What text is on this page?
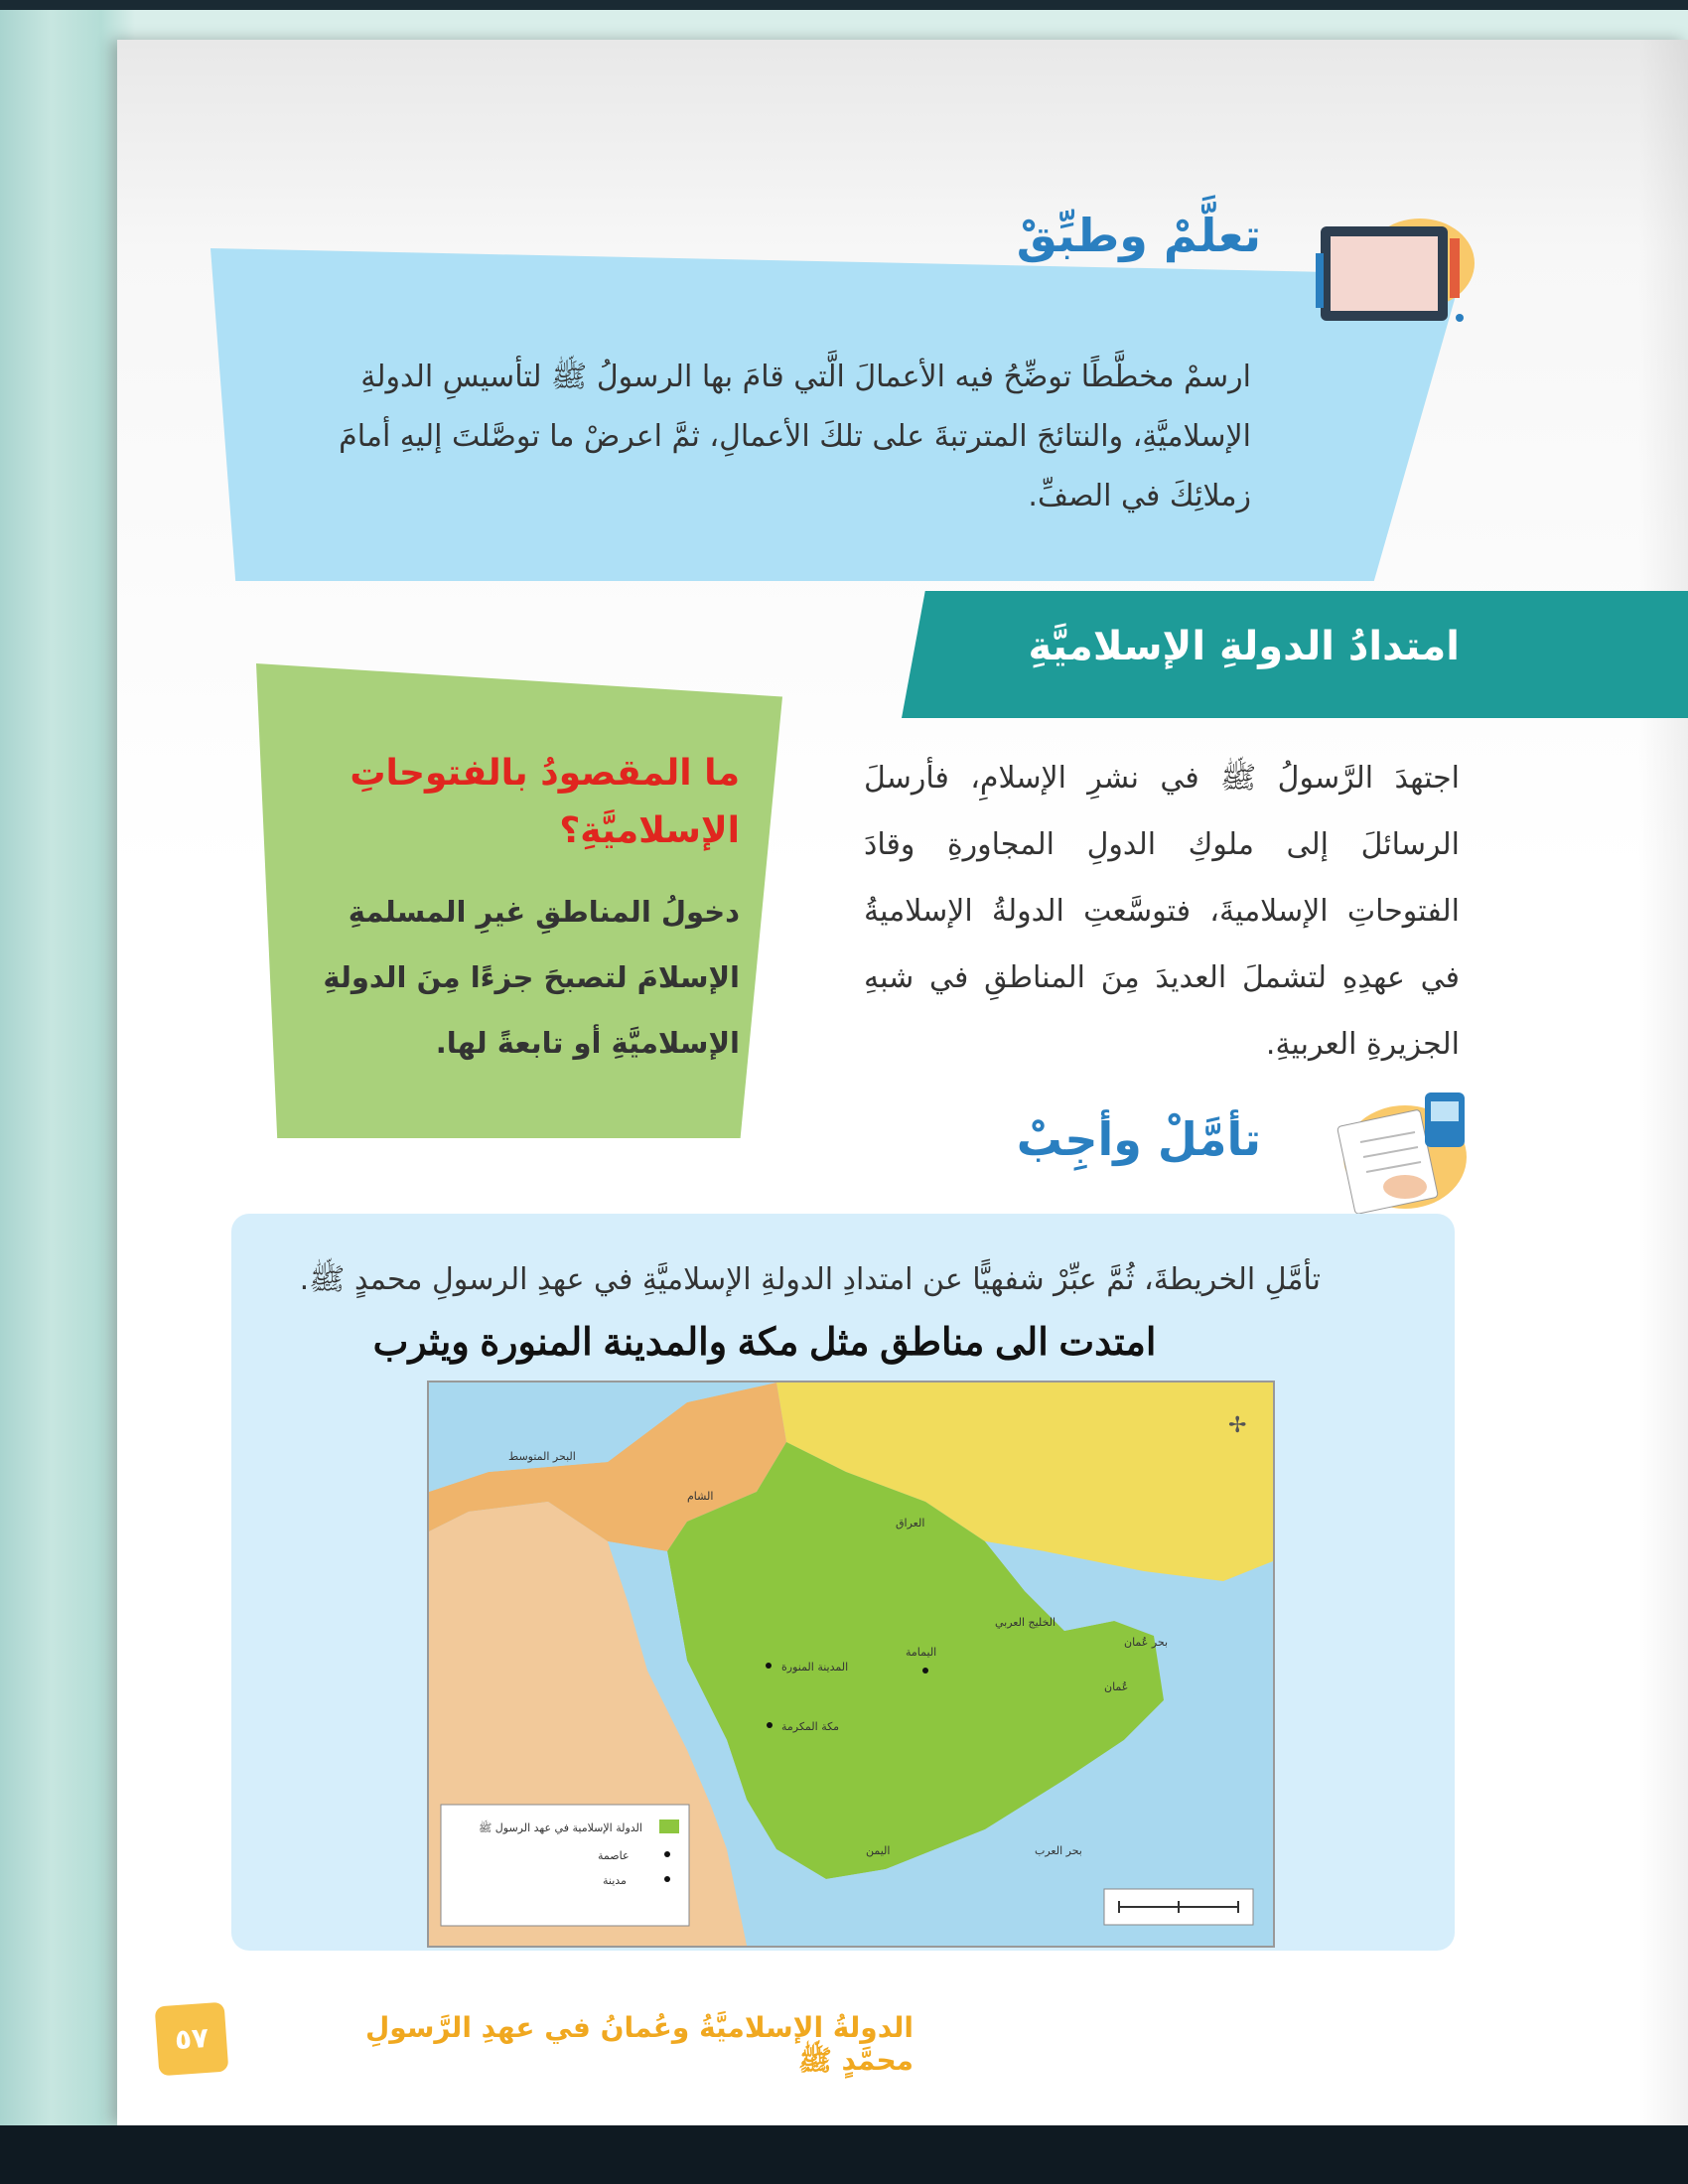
تعلَّمْ وطبِّقْ
ارسمْ مخطَّطًا توضِّحُ فيه الأعمالَ الَّتي قامَ بها الرسولُ ﷺ لتأسيسِ الدولةِ الإسلاميَّةِ، والنتائجَ المترتبةَ على تلكَ الأعمالِ، ثمَّ اعرضْ ما توصَّلتَ إليهِ أمامَ زملائِكَ في الصفِّ.
امتدادُ الدولةِ الإسلاميَّةِ
ما المقصودُ بالفتوحاتِ الإسلاميَّةِ؟
دخولُ المناطقِ غيرِ المسلمةِ الإسلامَ لتصبحَ جزءًا مِنَ الدولةِ الإسلاميَّةِ أو تابعةً لها.
اجتهدَ الرَّسولُ ﷺ في نشرِ الإسلامِ، فأرسلَ الرسائلَ إلى ملوكِ الدولِ المجاورةِ وقادَ الفتوحاتِ الإسلاميةَ، فتوسَّعتِ الدولةُ الإسلاميةُ في عهدِهِ لتشملَ العديدَ مِنَ المناطقِ في شبهِ الجزيرةِ العربيةِ.
تأمَّلْ وأجِبْ
تأمَّلِ الخريطةَ، ثُمَّ عبِّرْ شفهيًّا عن امتدادِ الدولةِ الإسلاميَّةِ في عهدِ الرسولِ محمدٍ ﷺ.
امتدت الى مناطق مثل مكة والمدينة المنورة ويثرب
✢
البحر المتوسط
الشام
العراق
المدينة المنورة
اليمامة
مكة المكرمة
الخليج العربي
عُمان
بحر عُمان
اليمن	بحر العرب
الدولة الإسلامية في عهد الرسول ﷺ
عاصمة
مدينة
٥٧	الدولةُ الإسلاميَّةُ وعُمانُ في عهدِ الرَّسولِ محمَّدٍ ﷺ
